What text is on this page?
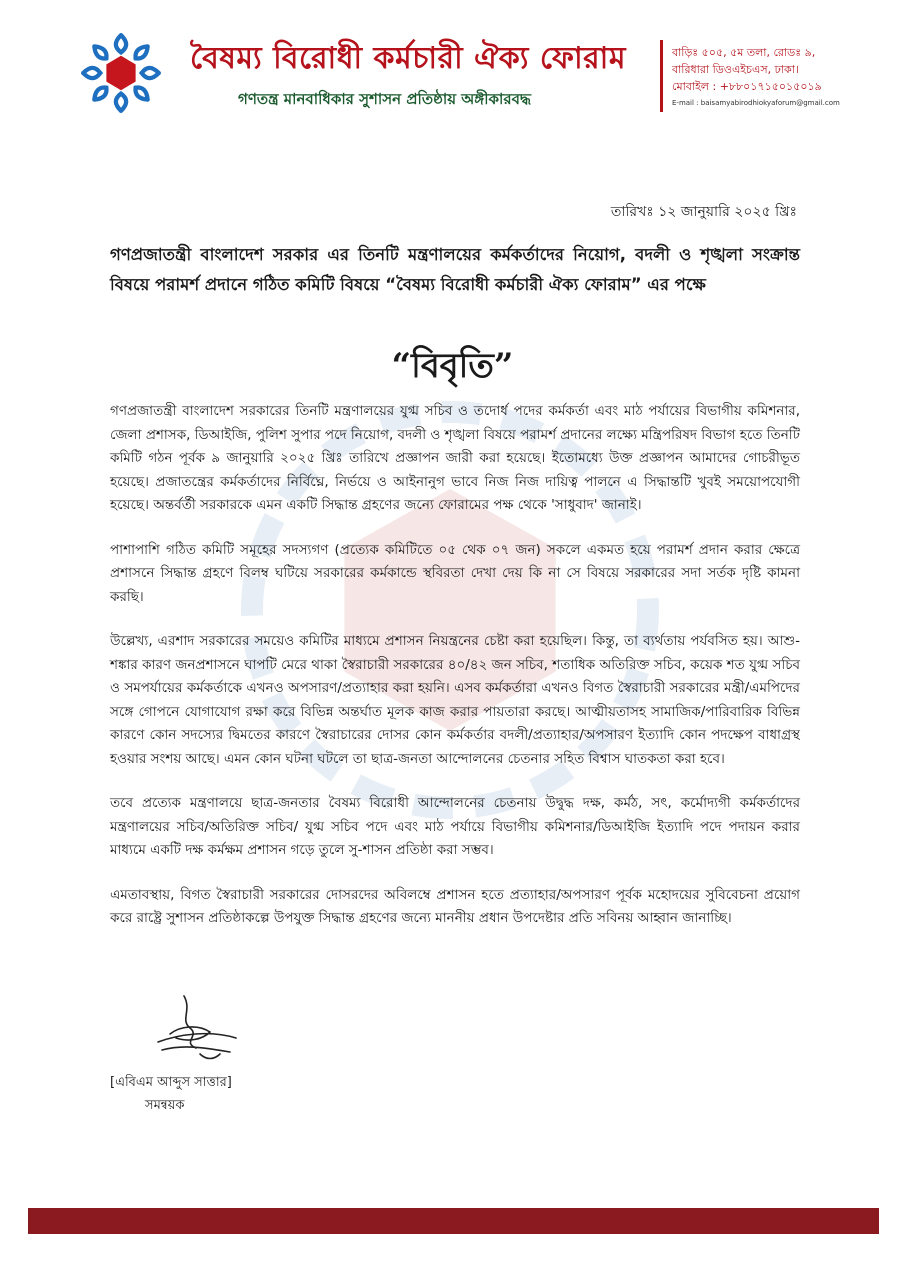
বৈষম্য বিরোধী কর্মচারী ঐক্য ফোরাম
গণতন্ত্র মানবাধিকার সুশাসন প্রতিষ্ঠায় অঙ্গীকারবদ্ধ
বাড়িঃ ৫০৫, ৫ম তলা, রোডঃ ৯,
বারিধারা ডিওএইচএস, ঢাকা।
মোবাইল : +৮৮০১৭১৫০১৫০১৯
E-mail : baisamyabirodhiokyaforum@gmail.com
তারিখঃ ১২ জানুয়ারি ২০২৫ খ্রিঃ
গণপ্রজাতন্ত্রী বাংলাদেশ সরকার এর তিনটি মন্ত্রণালয়ের কর্মকর্তাদের নিয়োগ, বদলী ও শৃঙ্খলা সংক্রান্ত বিষয়ে পরামর্শ প্রদানে গঠিত কমিটি বিষয়ে “বৈষম্য বিরোধী কর্মচারী ঐক্য ফোরাম” এর পক্ষে
“বিবৃতি”

গণপ্রজাতন্ত্রী বাংলাদেশ সরকারের তিনটি মন্ত্রণালয়ের যুগ্ম সচিব ও তদোর্ধ পদের কর্মকর্তা এবং মাঠ পর্যায়ের বিভাগীয় কমিশনার, জেলা প্রশাসক, ডিআইজি, পুলিশ সুপার পদে নিয়োগ, বদলী ও শৃঙ্খলা বিষয়ে পরামর্শ প্রদানের লক্ষ্যে মন্ত্রিপরিষদ বিভাগ হতে তিনটি কমিটি গঠন পূর্বক ৯ জানুয়ারি ২০২৫ খ্রিঃ তারিখে প্রজ্ঞাপন জারী করা হয়েছে। ইতোমধ্যে উক্ত প্রজ্ঞাপন আমাদের গোচরীভূত হয়েছে। প্রজাতন্ত্রের কর্মকর্তাদের নির্বিঘ্নে, নির্ভয়ে ও আইনানুগ ভাবে নিজ নিজ দায়িত্ব পালনে এ সিদ্ধান্তটি খুবই সময়োপযোগী হয়েছে। অন্তর্বর্তী সরকারকে এমন একটি সিদ্ধান্ত গ্রহণের জন্যে ফোরামের পক্ষ থেকে 'সাধুবাদ' জানাই।

পাশাপাশি গঠিত কমিটি সমূহের সদস্যগণ (প্রত্যেক কমিটিতে ০৫ থেক ০৭ জন) সকলে একমত হয়ে পরামর্শ প্রদান করার ক্ষেত্রে প্রশাসনে সিদ্ধান্ত গ্রহণে বিলম্ব ঘটিয়ে সরকারের কর্মকান্ডে স্থবিরতা দেখা দেয় কি না সে বিষয়ে সরকারের সদা সর্তক দৃষ্টি কামনা করছি।

উল্লেখ্য, এরশাদ সরকারের সময়েও কমিটির মাধ্যমে প্রশাসন নিয়ন্ত্রনের চেষ্টা করা হয়েছিল। কিন্তু, তা ব্যর্থতায় পর্যবসিত হয়। আশু-শঙ্কার কারণ জনপ্রশাসনে ঘাপটি মেরে থাকা স্বৈরাচারী সরকারের ৪০/৪২ জন সচিব, শতাধিক অতিরিক্ত সচিব, কয়েক শত যুগ্ম সচিব ও সমপর্যায়ের কর্মকর্তাকে এখনও অপসারণ/প্রত্যাহার করা হয়নি। এসব কর্মকর্তারা এখনও বিগত স্বৈরাচারী সরকারের মন্ত্রী/এমপিদের সঙ্গে গোপনে যোগাযোগ রক্ষা করে বিভিন্ন অন্তর্ঘাত মূলক কাজ করার পায়তারা করছে। আত্মীয়তাসহ সামাজিক/পারিবারিক বিভিন্ন কারণে কোন সদস্যের দ্বিমতের কারণে স্বৈরাচারের দোসর কোন কর্মকর্তার বদলী/প্রত্যাহার/অপসারণ ইত্যাদি কোন পদক্ষেপ বাধাগ্রস্থ হওয়ার সংশয় আছে। এমন কোন ঘটনা ঘটলে তা ছাত্র-জনতা আন্দোলনের চেতনার সহিত বিশ্বাস ঘাতকতা করা হবে।

তবে প্রত্যেক মন্ত্রণালয়ে ছাত্র-জনতার বৈষম্য বিরোধী আন্দোলনের চেতনায় উদ্বুদ্ধ দক্ষ, কর্মঠ, সৎ, কর্মোদ্যগী কর্মকর্তাদের মন্ত্রণালয়ের সচিব/অতিরিক্ত সচিব/ যুগ্ম সচিব পদে এবং মাঠ পর্যায়ে বিভাগীয় কমিশনার/ডিআইজি ইত্যাদি পদে পদায়ন করার মাধ্যমে একটি দক্ষ কর্মক্ষম প্রশাসন গড়ে তুলে সু-শাসন প্রতিষ্ঠা করা সম্ভব।

এমতাবস্থায়, বিগত স্বৈরাচারী সরকারের দোসরদের অবিলম্বে প্রশাসন হতে প্রত্যাহার/অপসারণ পূর্বক মহোদয়ের সুবিবেচনা প্রয়োগ করে রাষ্ট্রে সুশাসন প্রতিষ্ঠাকল্পে উপযুক্ত সিদ্ধান্ত গ্রহণের জন্যে মাননীয় প্রধান উপদেষ্টার প্রতি সবিনয় আহ্বান জানাচ্ছি।

[এবিএম আব্দুস সাত্তার]
সমন্বয়ক
